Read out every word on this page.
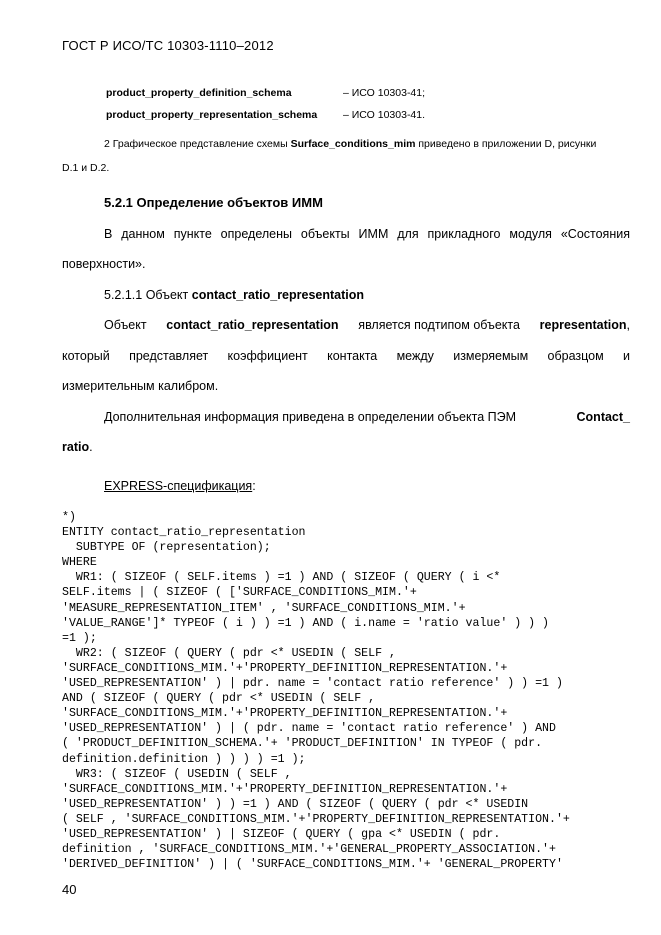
ГОСТ Р ИСО/ТС 10303-1110–2012
product_property_definition_schema	– ИСО 10303-41;
product_property_representation_schema – ИСО 10303-41.
2 Графическое представление схемы Surface_conditions_mim приведено в приложении D, рисунки
D.1 и D.2.
5.2.1 Определение объектов ИММ
В данном пункте определены объекты ИММ для прикладного модуля «Состояния
поверхности».
5.2.1.1 Объект contact_ratio_representation
Объект contact_ratio_representation является подтипом объекта representation,
который представляет коэффициент контакта между измеряемым образцом и
измерительным калибром.
Дополнительная информация приведена в определении объекта ПЭМ	Contact_
ratio.
EXPRESS-спецификация:
*)
ENTITY contact_ratio_representation
SUBTYPE OF (representation);
WHERE
WR1: ( SIZEOF ( SELF.items ) =1 ) AND ( SIZEOF ( QUERY ( i <*
SELF.items | ( SIZEOF ( ['SURFACE_CONDITIONS_MIM.'+
'MEASURE_REPRESENTATION_ITEM' , 'SURFACE_CONDITIONS_MIM.'+
'VALUE_RANGE']* TYPEOF ( i ) ) =1 ) AND ( i.name = 'ratio value' ) ) )
=1 );
WR2: ( SIZEOF ( QUERY ( pdr <* USEDIN ( SELF ,
'SURFACE_CONDITIONS_MIM.'+'PROPERTY_DEFINITION_REPRESENTATION.'+
'USED_REPRESENTATION' ) | pdr. name = 'contact ratio reference' ) ) =1 )
AND ( SIZEOF ( QUERY ( pdr <* USEDIN ( SELF ,
'SURFACE_CONDITIONS_MIM.'+'PROPERTY_DEFINITION_REPRESENTATION.'+
'USED_REPRESENTATION' ) | ( pdr. name = 'contact ratio reference' ) AND
( 'PRODUCT_DEFINITION_SCHEMA.'+ 'PRODUCT_DEFINITION' IN TYPEOF ( pdr.
definition.definition ) ) ) ) =1 );
WR3: ( SIZEOF ( USEDIN ( SELF ,
'SURFACE_CONDITIONS_MIM.'+'PROPERTY_DEFINITION_REPRESENTATION.'+
'USED_REPRESENTATION' ) ) =1 ) AND ( SIZEOF ( QUERY ( pdr <* USEDIN
( SELF , 'SURFACE_CONDITIONS_MIM.'+'PROPERTY_DEFINITION_REPRESENTATION.'+
'USED_REPRESENTATION' ) | SIZEOF ( QUERY ( gpa <* USEDIN ( pdr.
definition , 'SURFACE_CONDITIONS_MIM.'+'GENERAL_PROPERTY_ASSOCIATION.'+
'DERIVED_DEFINITION' ) | ( 'SURFACE_CONDITIONS_MIM.'+ 'GENERAL_PROPERTY'
40
